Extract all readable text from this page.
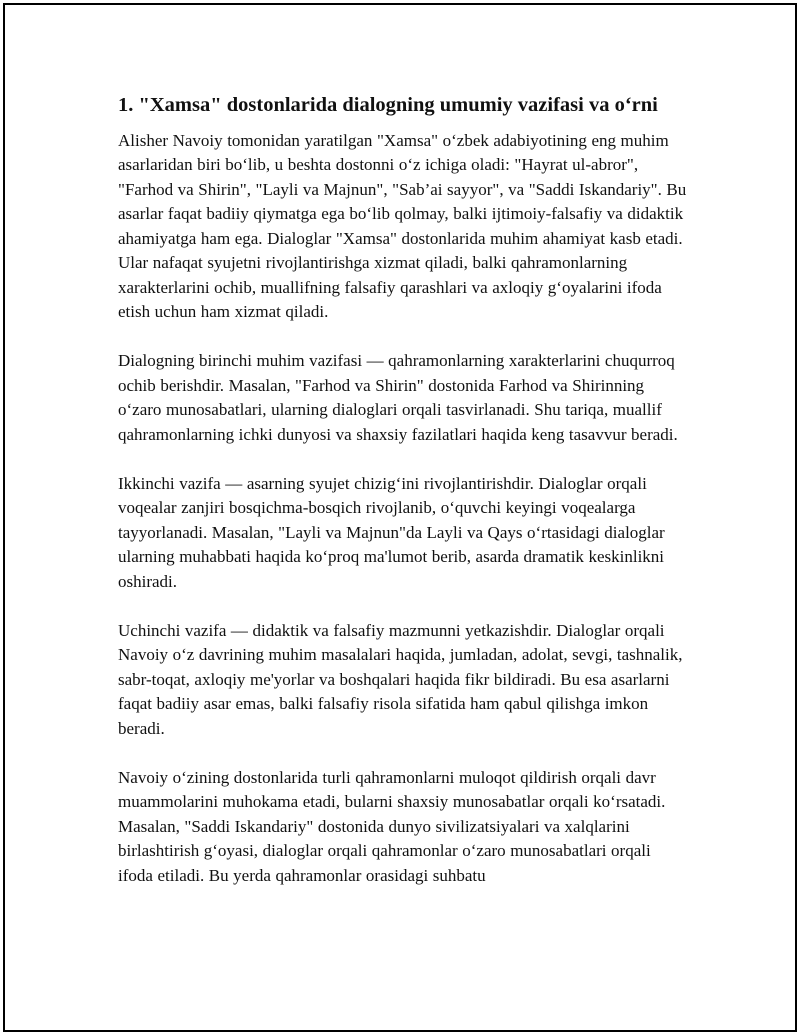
1. "Xamsa" dostonlarida dialogning umumiy vazifasi va o‘rni

Alisher Navoiy tomonidan yaratilgan "Xamsa" o‘zbek adabiyotining eng muhim asarlaridan biri bo‘lib, u beshta dostonni o‘z ichiga oladi: "Hayrat ul-abror", "Farhod va Shirin", "Layli va Majnun", "Sab’ai sayyor", va "Saddi Iskandariy". Bu asarlar faqat badiiy qiymatga ega bo‘lib qolmay, balki ijtimoiy-falsafiy va didaktik ahamiyatga ham ega. Dialoglar "Xamsa" dostonlarida muhim ahamiyat kasb etadi. Ular nafaqat syujetni rivojlantirishga xizmat qiladi, balki qahramonlarning xarakterlarini ochib, muallifning falsafiy qarashlari va axloqiy g‘oyalarini ifoda etish uchun ham xizmat qiladi.

Dialogning birinchi muhim vazifasi — qahramonlarning xarakterlarini chuqurroq ochib berishdir. Masalan, "Farhod va Shirin" dostonida Farhod va Shirinning o‘zaro munosabatlari, ularning dialoglari orqali tasvirlanadi. Shu tariqa, muallif qahramonlarning ichki dunyosi va shaxsiy fazilatlari haqida keng tasavvur beradi.

Ikkinchi vazifa — asarning syujet chizig‘ini rivojlantirishdir. Dialoglar orqali voqealar zanjiri bosqichma-bosqich rivojlanib, o‘quvchi keyingi voqealarga tayyorlanadi. Masalan, "Layli va Majnun"da Layli va Qays o‘rtasidagi dialoglar ularning muhabbati haqida ko‘proq ma'lumot berib, asarda dramatik keskinlikni oshiradi.

Uchinchi vazifa — didaktik va falsafiy mazmunni yetkazishdir. Dialoglar orqali Navoiy o‘z davrining muhim masalalari haqida, jumladan, adolat, sevgi, tashnalik, sabr-toqat, axloqiy me'yorlar va boshqalari haqida fikr bildiradi. Bu esa asarlarni faqat badiiy asar emas, balki falsafiy risola sifatida ham qabul qilishga imkon beradi.

Navoiy o‘zining dostonlarida turli qahramonlarni muloqot qildirish orqali davr muammolarini muhokama etadi, bularni shaxsiy munosabatlar orqali ko‘rsatadi. Masalan, "Saddi Iskandariy" dostonida dunyo sivilizatsiyalari va xalqlarini birlashtirish g‘oyasi, dialoglar orqali qahramonlar o‘zaro munosabatlari orqali ifoda etiladi. Bu yerda qahramonlar orasidagi suhbatu
